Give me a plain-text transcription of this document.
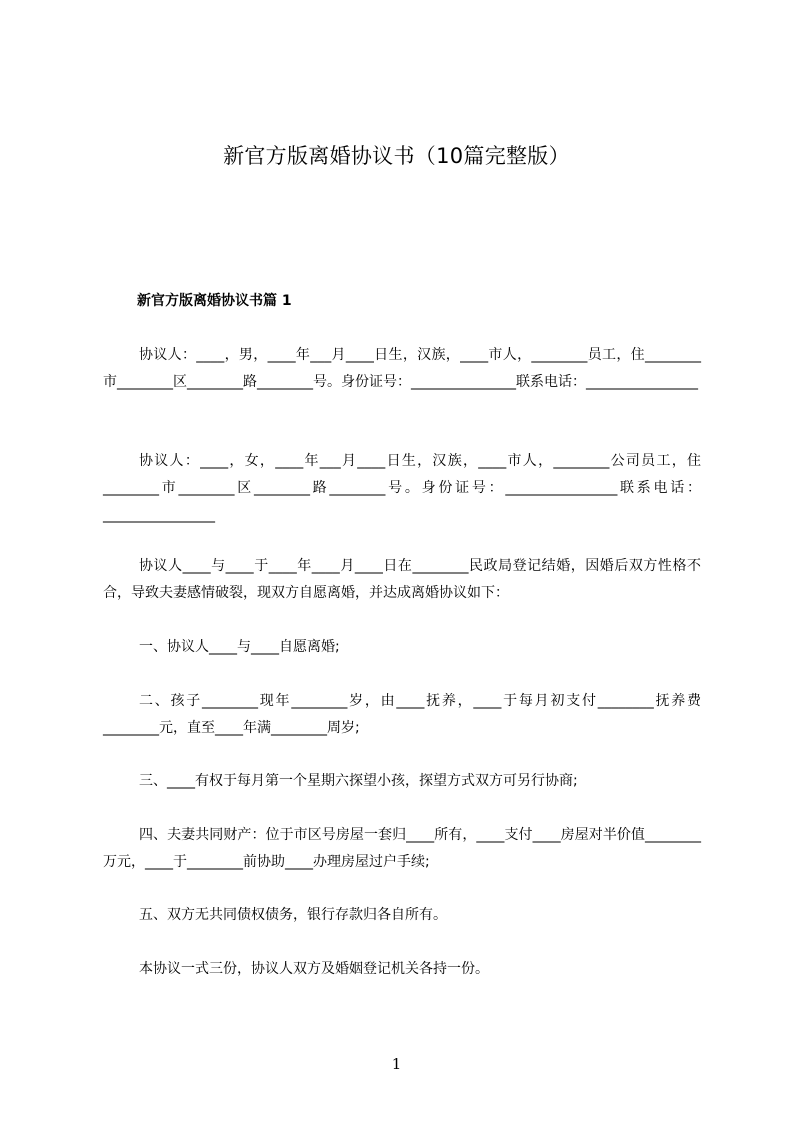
新官方版离婚协议书（10篇完整版）
新官方版离婚协议书篇 1

协议人：____，男，____年___月____日生，汉族，____市人，________员工，住________市________区________路________号。身份证号：_______________联系电话：________________

协议人：____，女，____年___月____日生，汉族，____市人，________公司员工，住________市________区________路________号。身份证号：________________联系电话：________________

协议人____与____于____年____月____日在________民政局登记结婚，因婚后双方性格不合，导致夫妻感情破裂，现双方自愿离婚，并达成离婚协议如下：

一、协议人____与____自愿离婚;

二、孩子________现年________岁，由____抚养，____于每月初支付________抚养费________元，直至____年满________周岁;

三、____有权于每月第一个星期六探望小孩，探望方式双方可另行协商;

四、夫妻共同财产：位于市区号房屋一套归____所有，____支付____房屋对半价值________万元，____于________前协助____办理房屋过户手续;

五、双方无共同债权债务，银行存款归各自所有。

本协议一式三份，协议人双方及婚姻登记机关各持一份。

1
